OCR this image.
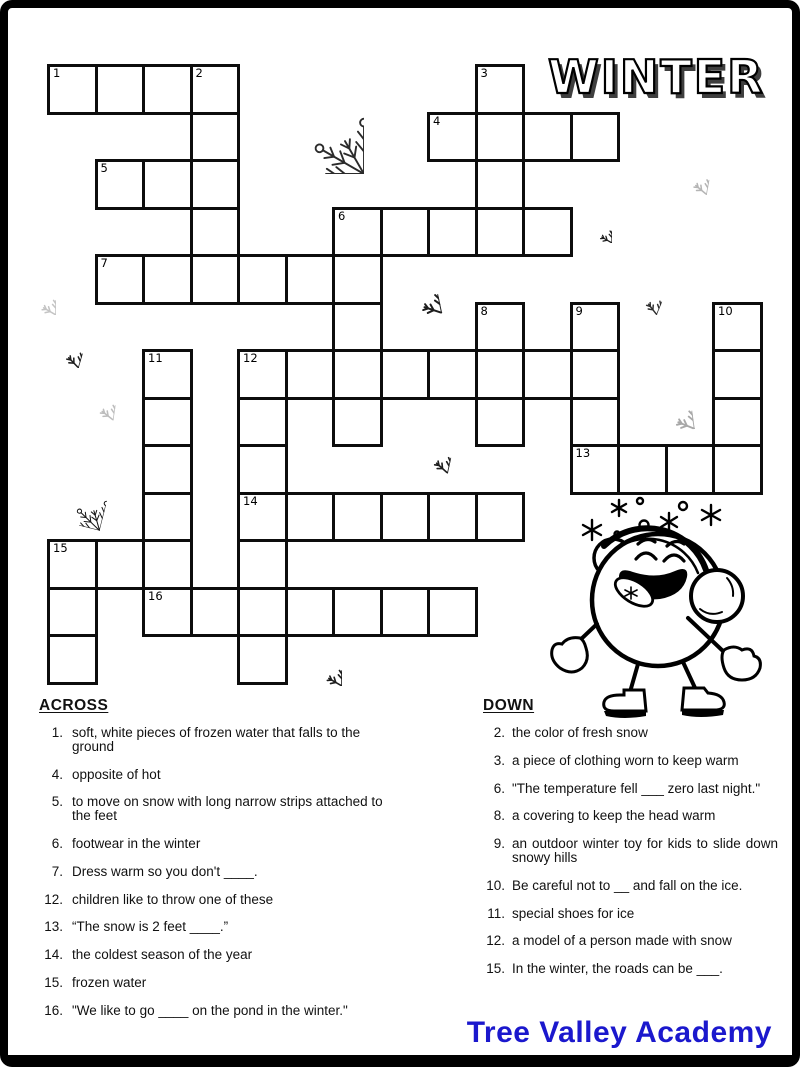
WINTER
1	2	3
4
5
6
7
8	9	10
11	12
13
14
15
16
ACROSS
1. soft, white pieces of frozen water that falls to the ground
4. opposite of hot
5. to move on snow with long narrow strips attached to the feet
6. footwear in the winter
7. Dress warm so you don't ____.
12. children like to throw one of these
13. “The snow is 2 feet ____.”
14. the coldest season of the year
15. frozen water
16. "We like to go ____ on the pond in the winter."
DOWN
2. the color of fresh snow
3. a piece of clothing worn to keep warm
6. "The temperature fell ___ zero last night."
8. a covering to keep the head warm
9. an outdoor winter toy for kids to slide down snowy hills
10. Be careful not to __ and fall on the ice.
11. special shoes for ice
12. a model of a person made with snow
15. In the winter, the roads can be ___.
Tree Valley Academy
